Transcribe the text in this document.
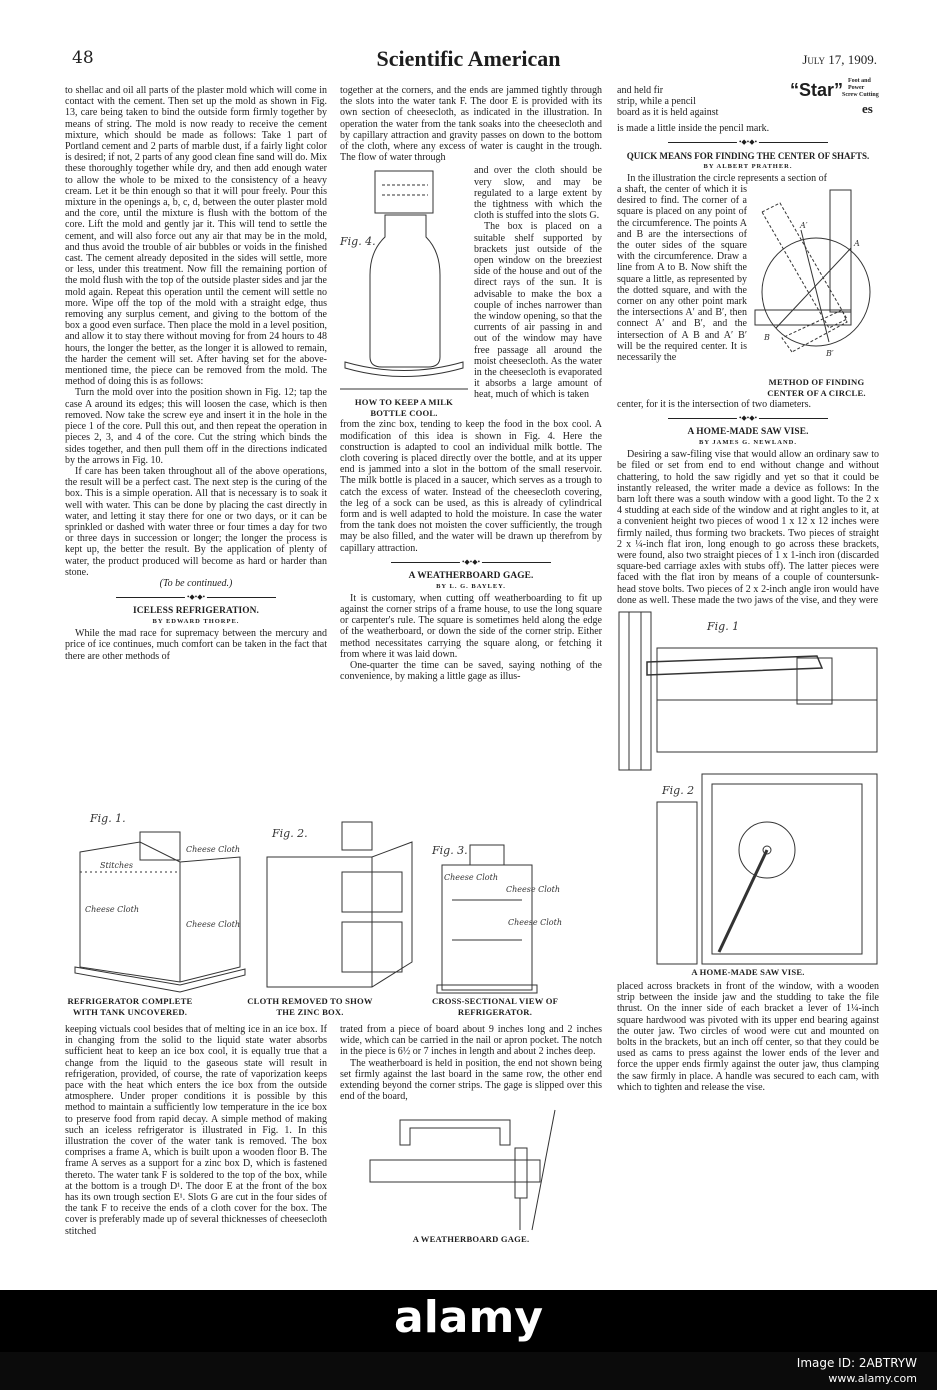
48	Scientific American	July 17, 1909.

to shellac and oil all parts of the plaster mold which will come in contact with the cement. Then set up the mold as shown in Fig. 13, care being taken to bind the outside form firmly together by means of string. The mold is now ready to receive the cement mixture, which should be made as follows: Take 1 part of Portland cement and 2 parts of marble dust, if a fairly light color is desired; if not, 2 parts of any good clean fine sand will do. Mix these thoroughly together while dry, and then add enough water to allow the whole to be mixed to the consistency of a heavy cream. Let it be thin enough so that it will pour freely. Pour this mixture in the openings a, b, c, d, between the outer plaster mold and the core, until the mixture is flush with the bottom of the core. Lift the mold and gently jar it. This will tend to settle the cement, and will also force out any air that may be in the mold, and thus avoid the trouble of air bubbles or voids in the finished cast. The cement already deposited in the sides will settle, more or less, under this treatment. Now fill the remaining portion of the mold flush with the top of the outside plaster sides and jar the mold again. Repeat this operation until the cement will settle no more. Wipe off the top of the mold with a straight edge, thus removing any surplus cement, and giving to the bottom of the box a good even surface. Then place the mold in a level position, and allow it to stay there without moving for from 24 hours to 48 hours, the longer the better, as the longer it is allowed to remain, the harder the cement will set. After having set for the above-mentioned time, the piece can be removed from the mold. The method of doing this is as follows:

Turn the mold over into the position shown in Fig. 12; tap the case A around its edges; this will loosen the case, which is then removed. Now take the screw eye and insert it in the hole in the piece 1 of the core. Pull this out, and then repeat the operation in pieces 2, 3, and 4 of the core. Cut the string which binds the sides together, and then pull them off in the directions indicated by the arrows in Fig. 10.

If care has been taken throughout all of the above operations, the result will be a perfect cast. The next step is the curing of the box. This is a simple operation. All that is necessary is to soak it well with water. This can be done by placing the cast directly in water, and letting it stay there for one or two days, or it can be sprinkled or dashed with water three or four times a day for two or three days in succession or longer; the longer the process is kept up, the better the result. By the application of plenty of water, the product produced will become as hard or harder than stone.

(To be continued.)
•◆•◆•
ICELESS REFRIGERATION.
BY EDWARD THORPE.

While the mad race for supremacy between the mercury and price of ice continues, much comfort can be taken in the fact that there are other methods of

Fig. 1.
Cheese Cloth
Stitches
Cheese Cloth
Cheese Cloth
Fig. 2.
Fig. 3.
Cheese Cloth
Cheese Cloth
Cheese Cloth
REFRIGERATOR COMPLETE WITH TANK UNCOVERED.
CLOTH REMOVED TO SHOW THE ZINC BOX.
CROSS-SECTIONAL VIEW OF REFRIGERATOR.

keeping victuals cool besides that of melting ice in an ice box. If in changing from the solid to the liquid state water absorbs sufficient heat to keep an ice box cool, it is equally true that a change from the liquid to the gaseous state will result in refrigeration, provided, of course, the rate of vaporization keeps pace with the heat which enters the ice box from the outside atmosphere. Under proper conditions it is possible by this method to maintain a sufficiently low temperature in the ice box to preserve food from rapid decay. A simple method of making such an iceless refrigerator is illustrated in Fig. 1. In this illustration the cover of the water tank is removed. The box comprises a frame A, which is built upon a wooden floor B. The frame A serves as a support for a zinc box D, which is fastened thereto. The water tank F is soldered to the top of the box, while at the bottom is a trough D¹. The door E at the front of the box has its own trough section E¹. Slots G are cut in the four sides of the tank F to receive the ends of a cloth cover for the box. The cover is preferably made up of several thicknesses of cheesecloth stitched

together at the corners, and the ends are jammed tightly through the slots into the water tank F. The door E is provided with its own section of cheesecloth, as indicated in the illustration. In operation the water from the tank soaks into the cheesecloth and by capillary attraction and gravity passes on down to the bottom of the cloth, where any excess of water is caught in the trough. The flow of water through

Fig. 4.
HOW TO KEEP A MILK BOTTLE COOL.

and over the cloth should be very slow, and may be regulated to a large extent by the tightness with which the cloth is stuffed into the slots G.

The box is placed on a suitable shelf supported by brackets just outside of the open window on the breeziest side of the house and out of the direct rays of the sun. It is advisable to make the box a couple of inches narrower than the window opening, so that the currents of air passing in and out of the window may have free passage all around the moist cheesecloth. As the water in the cheesecloth is evaporated it absorbs a large amount of heat, much of which is taken

from the zinc box, tending to keep the food in the box cool. A modification of this idea is shown in Fig. 4. Here the construction is adapted to cool an individual milk bottle. The cloth covering is placed directly over the bottle, and at its upper end is jammed into a slot in the bottom of the small reservoir. The milk bottle is placed in a saucer, which serves as a trough to catch the excess of water. Instead of the cheesecloth covering, the leg of a sock can be used, as this is already of cylindrical form and is well adapted to hold the moisture. In case the water from the tank does not moisten the cover sufficiently, the trough may be also filled, and the water will be drawn up therefrom by capillary attraction.

•◆•◆•
A WEATHERBOARD GAGE.
BY L. G. BAYLEY.

It is customary, when cutting off weatherboarding to fit up against the corner strips of a frame house, to use the long square or carpenter's rule. The square is sometimes held along the edge of the weatherboard, or down the side of the corner strip. Either method necessitates carrying the square along, or fetching it from where it was laid down.

One-quarter the time can be saved, saying nothing of the convenience, by making a little gage as illus-

trated from a piece of board about 9 inches long and 2 inches wide, which can be carried in the nail or apron pocket. The notch in the piece is 6½ or 7 inches in length and about 2 inches deep.

The weatherboard is held in position, the end not shown being set firmly against the last board in the same row, the other end extending beyond the corner strips. The gage is slipped over this end of the board,

A WEATHERBOARD GAGE.
“Star” Foot and
Power
Screw Cutting
es
and held fir
strip, while a pencil
board as it is held against
is made a little inside the pencil mark.
•◆•◆•
QUICK MEANS FOR FINDING THE CENTER OF SHAFTS.
BY ALBERT PRATHER.

In the illustration the circle represents a section of

a shaft, the center of which it is desired to find. The corner of a square is placed on any point of the circumference. The points A and B are the intersections of the outer sides of the square with the circumference. Draw a line from A to B. Now shift the square a little, as represented by the dotted square, and with the corner on any other point mark the intersections A′ and B′, then connect A′ and B′, and the intersection of A B and A′ B′ will be the required center. It is necessarily the

A′
A
B
B′
METHOD OF FINDING CENTER OF A CIRCLE.

center, for it is the intersection of two diameters.

•◆•◆•
A HOME-MADE SAW VISE.
BY JAMES G. NEWLAND.

Desiring a saw-filing vise that would allow an ordinary saw to be filed or set from end to end without change and without chattering, to hold the saw rigidly and yet so that it could be instantly released, the writer made a device as follows: In the barn loft there was a south window with a good light. To the 2 x 4 studding at each side of the window and at right angles to it, at a convenient height two pieces of wood 1 x 12 x 12 inches were firmly nailed, thus forming two brackets. Two pieces of straight 2 x ¼-inch flat iron, long enough to go across these brackets, were found, also two straight pieces of 1 x 1-inch iron (discarded square-bed carriage axles with stubs off). The latter pieces were faced with the flat iron by means of a couple of countersunk-head stove bolts. Two pieces of 2 x 2-inch angle iron would have done as well. These made the two jaws of the vise, and they were

Fig. 1
Fig. 2
A HOME-MADE SAW VISE.

placed across brackets in front of the window, with a wooden strip between the inside jaw and the studding to take the file thrust. On the inner side of each bracket a lever of 1¼-inch square hardwood was pivoted with its upper end bearing against the outer jaw. Two circles of wood were cut and mounted on bolts in the brackets, but an inch off center, so that they could be used as cams to press against the lower ends of the lever and force the upper ends firmly against the outer jaw, thus clamping the saw firmly in place. A handle was secured to each cam, with which to tighten and release the vise.

alamy
Image ID: 2ABTRYW
www.alamy.com
